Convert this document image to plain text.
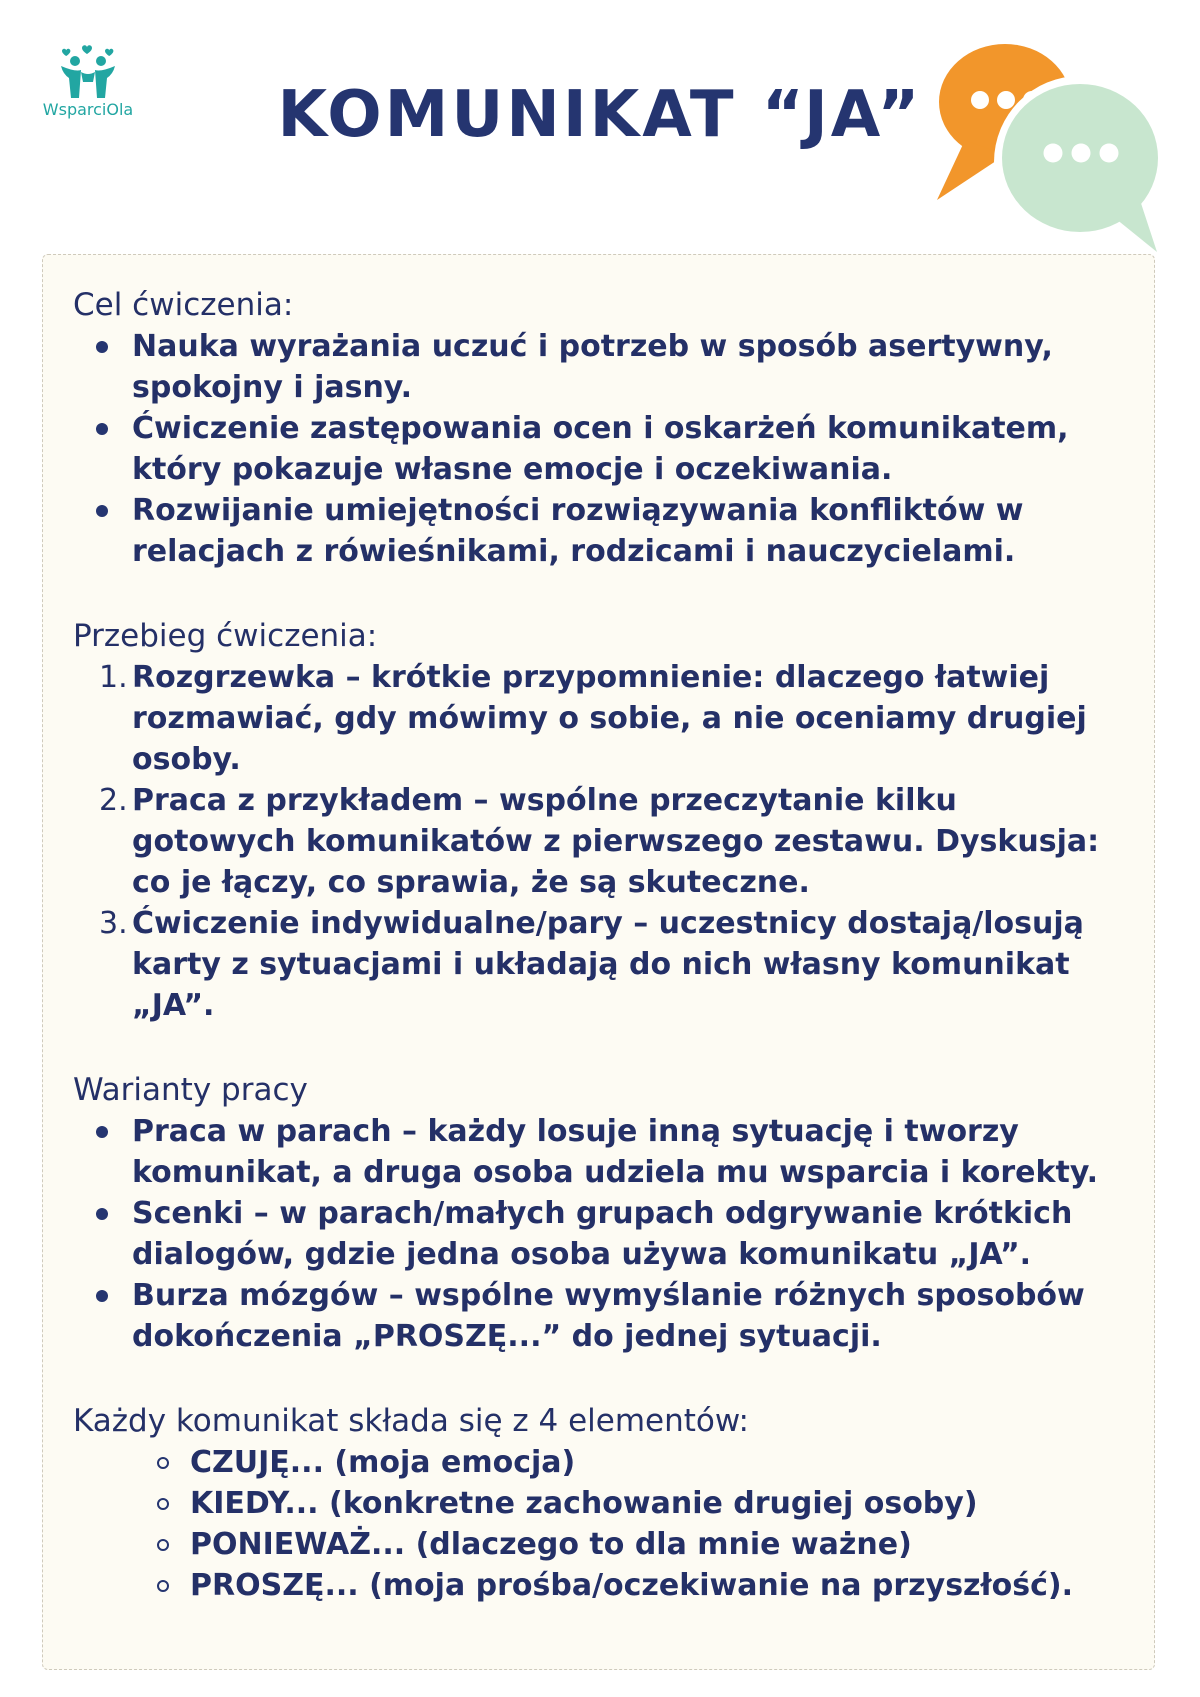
WsparciOla	KOMUNIKAT “JA”
Cel ćwiczenia:
Nauka wyrażania uczuć i potrzeb w sposób asertywny, spokojny i jasny.
Ćwiczenie zastępowania ocen i oskarżeń komunikatem, który pokazuje własne emocje i oczekiwania.
Rozwijanie umiejętności rozwiązywania konfliktów w relacjach z rówieśnikami, rodzicami i nauczycielami.
Przebieg ćwiczenia:
1. Rozgrzewka – krótkie przypomnienie: dlaczego łatwiej rozmawiać, gdy mówimy o sobie, a nie oceniamy drugiej osoby.
2. Praca z przykładem – wspólne przeczytanie kilku gotowych komunikatów z pierwszego zestawu. Dyskusja: co je łączy, co sprawia, że są skuteczne.
3. Ćwiczenie indywidualne/pary – uczestnicy dostają/losują karty z sytuacjami i układają do nich własny komunikat „JA”.
Warianty pracy
Praca w parach – każdy losuje inną sytuację i tworzy komunikat, a druga osoba udziela mu wsparcia i korekty.
Scenki – w parach/małych grupach odgrywanie krótkich dialogów, gdzie jedna osoba używa komunikatu „JA”.
Burza mózgów – wspólne wymyślanie różnych sposobów dokończenia „PROSZĘ...” do jednej sytuacji.
Każdy komunikat składa się z 4 elementów:
CZUJĘ... (moja emocja)
KIEDY... (konkretne zachowanie drugiej osoby)
PONIEWAŻ... (dlaczego to dla mnie ważne)
PROSZĘ... (moja prośba/oczekiwanie na przyszłość).
